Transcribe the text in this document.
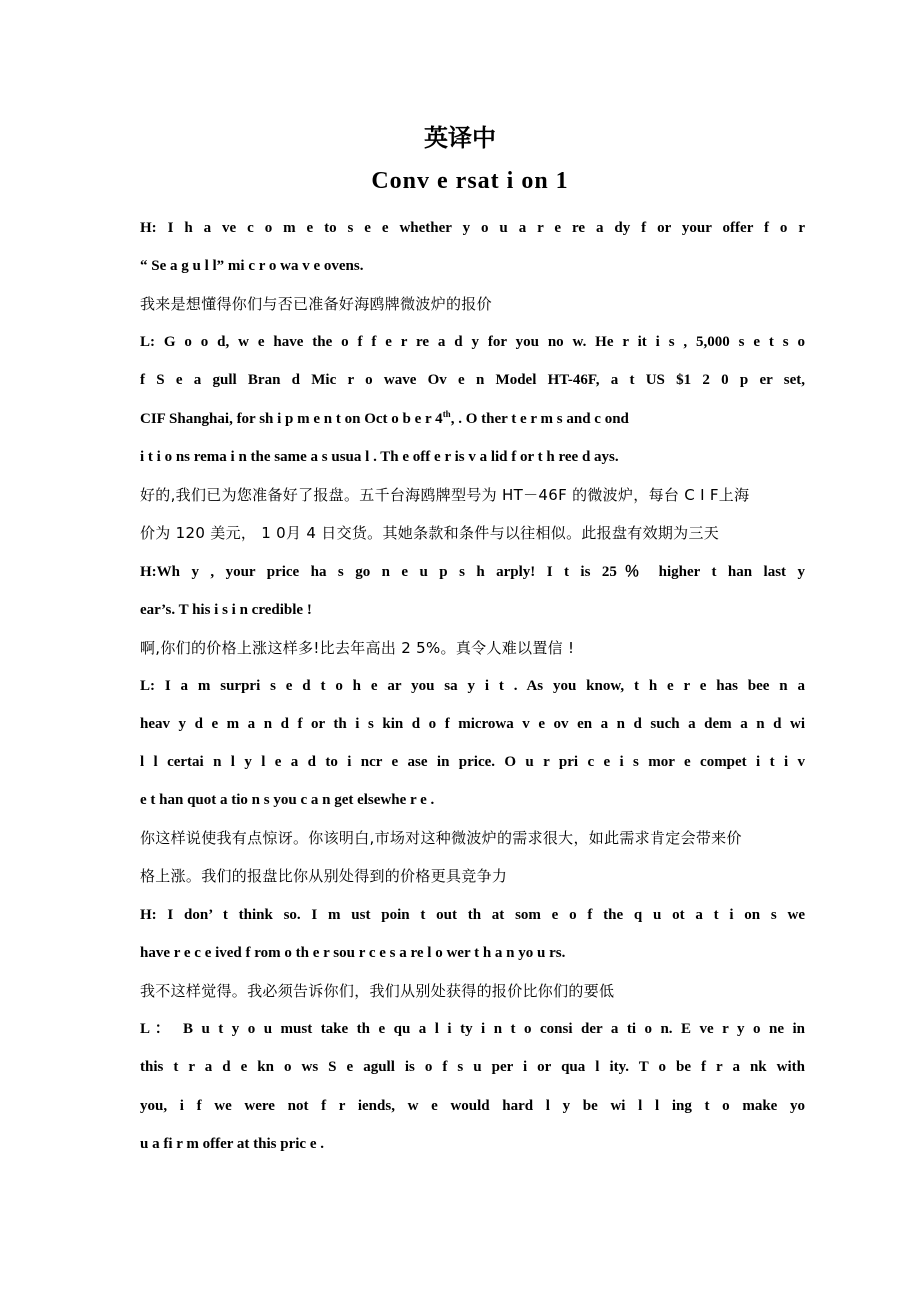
英译中
Conv e rsat i on 1
H: I h a ve c o m e to s e e whether y o u a r e re a dy f or your offer f o r
“ Se a g u l l” mi c r o wa v e ovens.
我来是想懂得你们与否已准备好海鸥牌微波炉的报价
L: G o o d, w e have the o f f e r re a d y for you no w. He r it i s , 5,000 s e t s o
f S e a gull Bran d Mic r o wave Ov e n Model HT-46F, a t US $1 2 0 p er set,
CIF Shanghai, for sh i p m e n t on Oct o b e r 4th, . O ther t e r m s and c ond
i t i o ns rema i n the same a s usua l . Th e off e r is v a lid f or t h ree d ays.
好的,我们已为您准备好了报盘。五千台海鸥牌型号为 HT－46F 的微波炉，每台 C I F上海
价为 120 美元， 1 0月 4 日交货。其她条款和条件与以往相似。此报盘有效期为三天
H:Wh y , your price ha s go n e u p s h arply! I t is 25％ higher t han last y
ear’s. T his i s i n credible !
啊,你们的价格上涨这样多!比去年高出 2 5%。真令人难以置信 !
L: I a m surpri s e d t o h e ar you sa y i t . As you know, t h e r e has bee n a
heav y d e m a n d f or th i s kin d o f microwa v e ov en a n d such a dem a n d wi
l l certai n l y l e a d to i ncr e ase in price. O u r pri c e i s mor e compet i t i v
e t han quot a tio n s you c a n get elsewhe r e .
你这样说使我有点惊讶。你该明白,市场对这种微波炉的需求很大，如此需求肯定会带来价
格上涨。我们的报盘比你从别处得到的价格更具竞争力
H: I don’ t think so. I m ust poin t out th at som e o f the q u ot a t i on s we
have r e c e ived f rom o th e r sou r c e s a re l o wer t h a n yo u rs.
我不这样觉得。我必须告诉你们，我们从别处获得的报价比你们的要低
L： B u t y o u must take th e qu a l i ty i n t o consi der a ti o n. E ve r y o ne in
this t r a d e kn o ws S e agull is o f s u per i or qua l ity. T o be f r a nk with
you, i f we were not f r iends, w e would hard l y be wi l l ing t o make yo
u a fi r m offer at this pric e .
